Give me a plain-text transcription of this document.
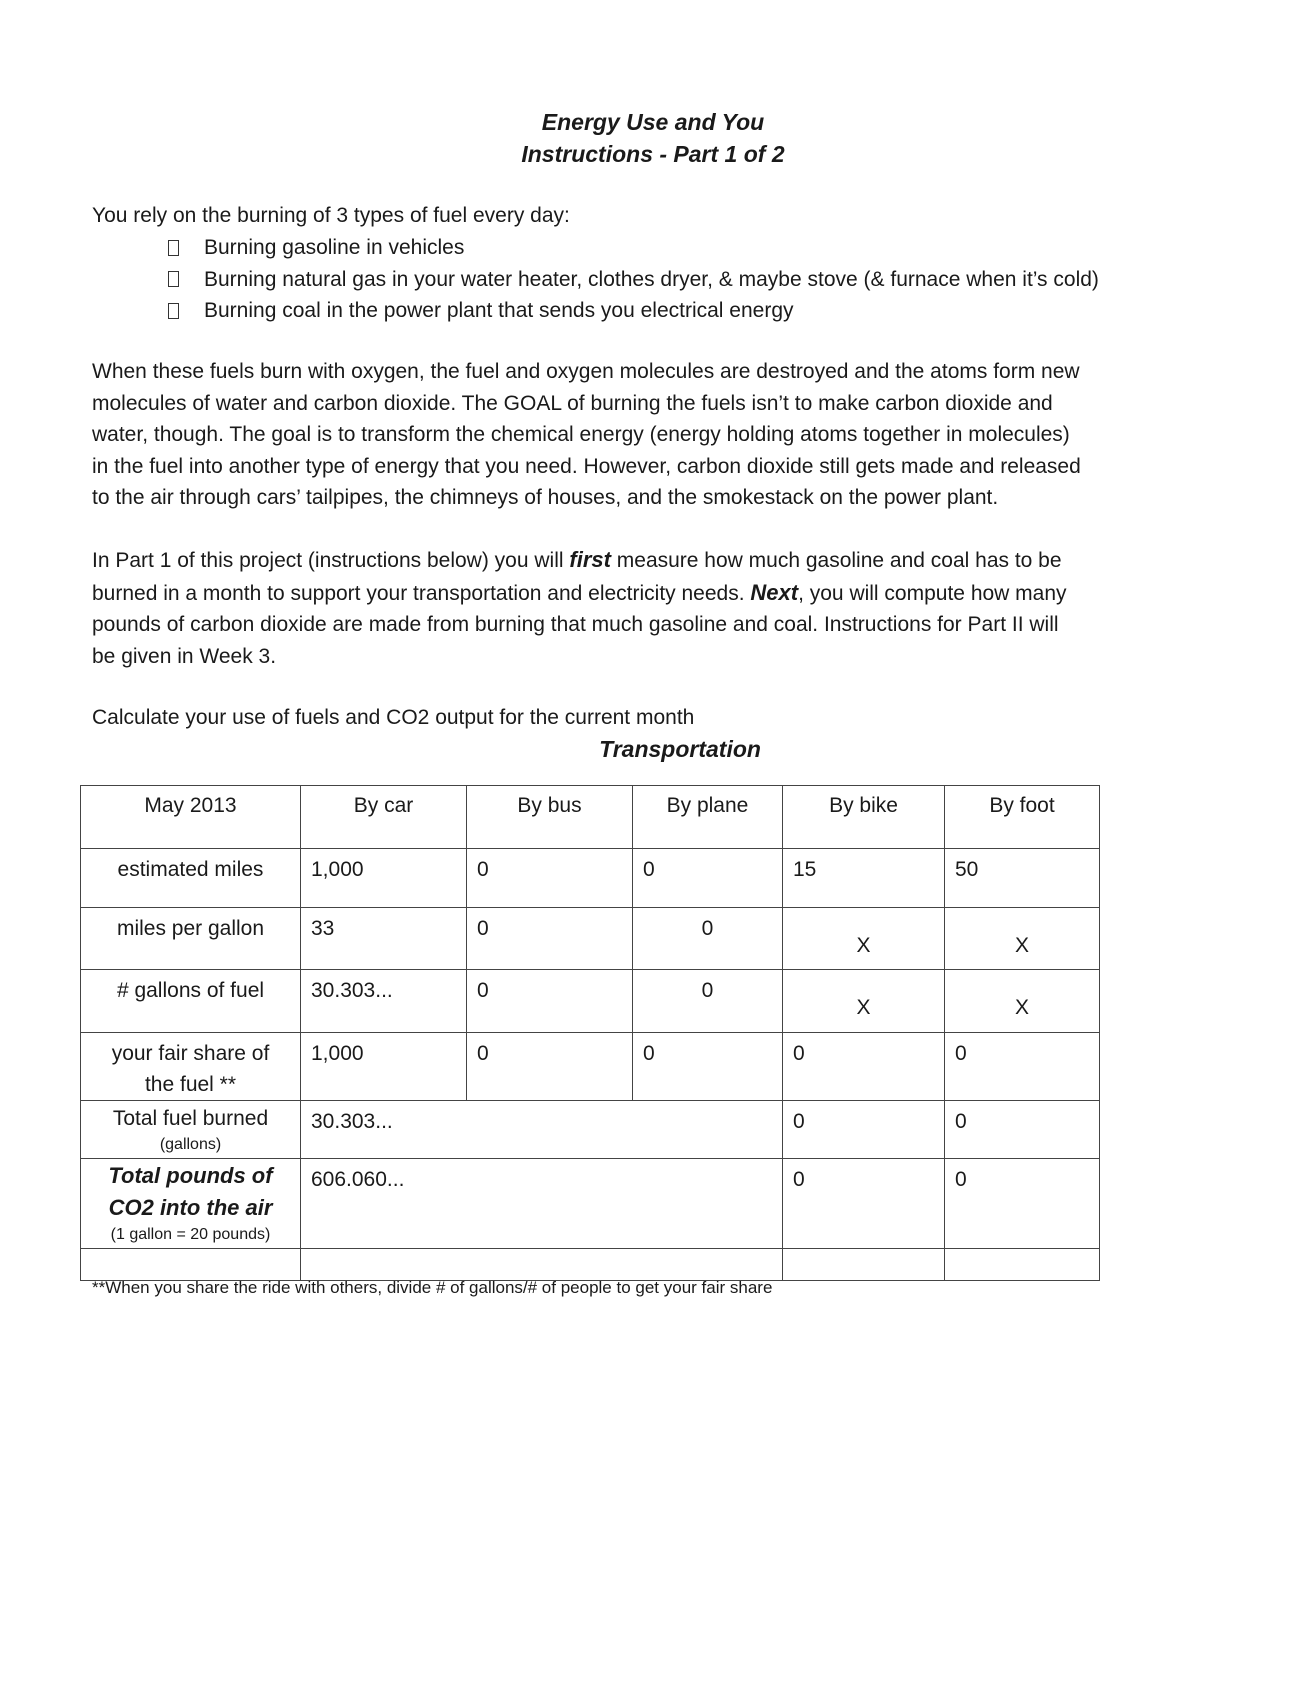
Energy Use and You
Instructions - Part 1 of 2
You rely on the burning of 3 types of fuel every day:
Burning gasoline in vehicles
Burning natural gas in your water heater, clothes dryer, & maybe stove (& furnace when it’s cold)
Burning coal in the power plant that sends you electrical energy
When these fuels burn with oxygen, the fuel and oxygen molecules are destroyed and the atoms form new
molecules of water and carbon dioxide. The GOAL of burning the fuels isn’t to make carbon dioxide and
water, though. The goal is to transform the chemical energy (energy holding atoms together in molecules)
in the fuel into another type of energy that you need. However, carbon dioxide still gets made and released
to the air through cars’ tailpipes, the chimneys of houses, and the smokestack on the power plant.
In Part 1 of this project (instructions below) you will first measure how much gasoline and coal has to be
burned in a month to support your transportation and electricity needs. Next, you will compute how many
pounds of carbon dioxide are made from burning that much gasoline and coal. Instructions for Part II will
be given in Week 3.
Calculate your use of fuels and CO2 output for the current month
Transportation
May 2013	By car	By bus	By plane	By bike	By foot

estimated miles	1,000	0	0	15	50

miles per gallon	33	0	0	X	X

# gallons of fuel	30.303...	0	0	X	X

your fair share of
the fuel **	1,000	0	0	0	0

Total fuel burned
(gallons)	30.303...			0	0

Total pounds of
CO2 into the air
(1 gallon = 20 pounds)	606.060...			0	0

**When you share the ride with others, divide # of gallons/# of people to get your fair share
